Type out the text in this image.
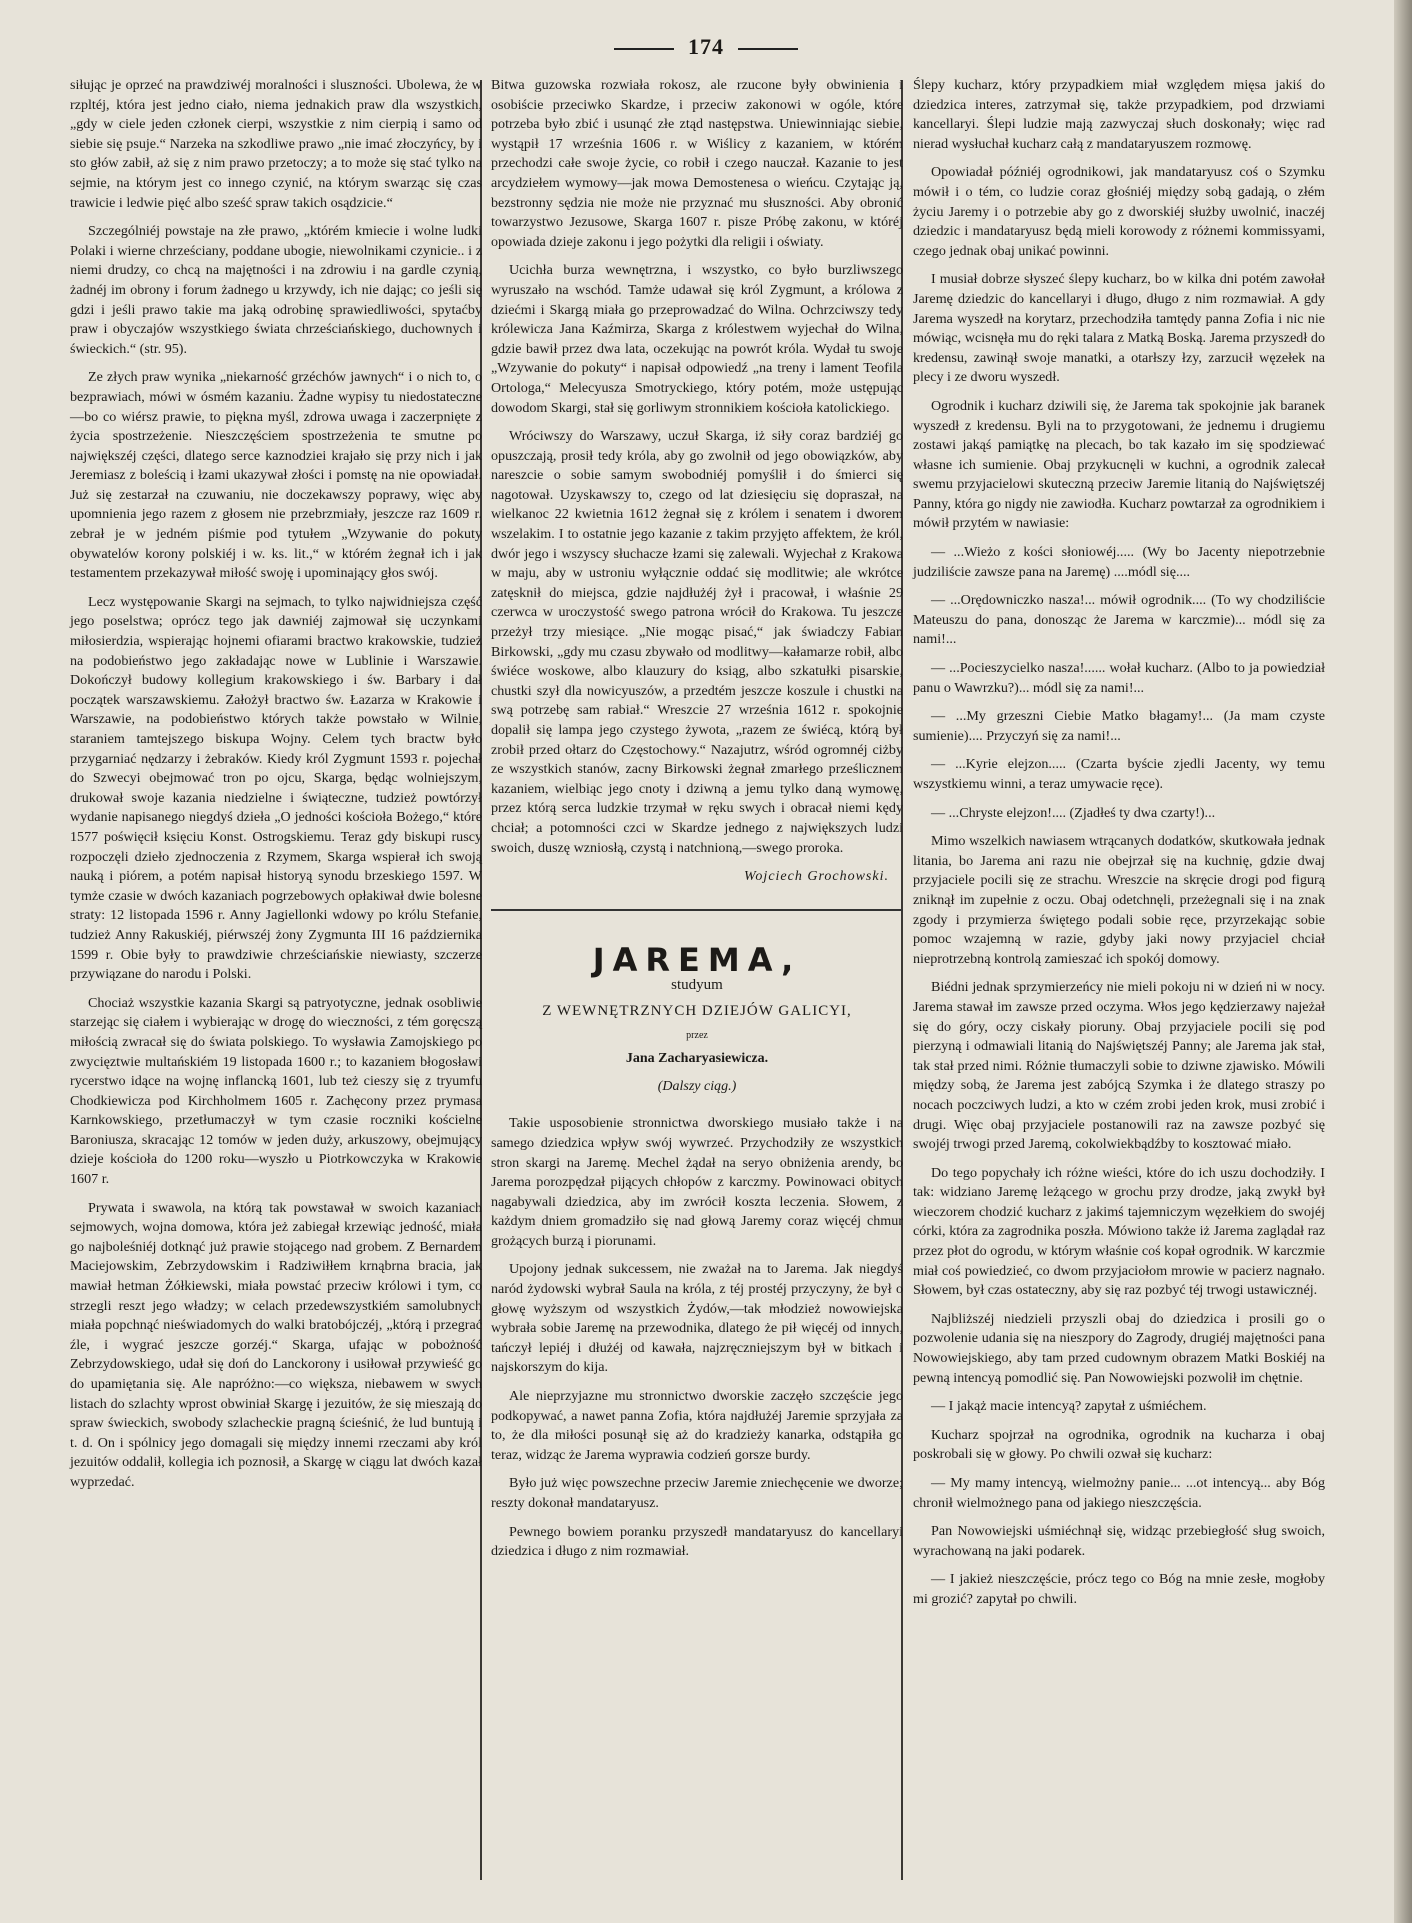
174

siłując je oprzeć na prawdziwéj moralności i sluszności. Ubolewa, że w rzpltéj, która jest jedno ciało, niema jednakich praw dla wszystkich, „gdy w ciele jeden członek cierpi, wszystkie z nim cierpią i samo od siebie się psuje.“ Narzeka na szkodliwe prawo „nie imać złoczyńcy, by i sto głów zabił, aż się z nim prawo przetoczy; a to może się stać tylko na sejmie, na którym jest co innego czynić, na którym swarząc się czas trawicie i ledwie pięć albo sześć spraw takich osądzicie.“

Szczególniéj powstaje na złe prawo, „którém kmiecie i wolne ludki Polaki i wierne chrześciany, poddane ubogie, niewolnikami czynicie.. i z niemi drudzy, co chcą na majętności i na zdrowiu i na gardle czynią, żadnéj im obrony i forum żadnego u krzywdy, ich nie dając; co jeśli się gdzi i jeśli prawo takie ma jaką odrobinę sprawiedliwości, spytaćby praw i obyczajów wszystkiego świata chrześciańskiego, duchownych i świeckich.“ (str. 95).

Ze złych praw wynika „niekarność grzéchów jawnych“ i o nich to, o bezprawiach, mówi w ósmém kazaniu. Żadne wypisy tu niedostateczne—bo co wiérsz prawie, to piękna myśl, zdrowa uwaga i zaczerpnięte z życia spostrzeżenie. Nieszczęściem spostrzeżenia te smutne po największéj części, dlatego serce kaznodziei krajało się przy nich i jak Jeremiasz z boleścią i łzami ukazywał złości i pomstę na nie opowiadał. Już się zestarzał na czuwaniu, nie doczekawszy poprawy, więc aby upomnienia jego razem z głosem nie przebrzmiały, jeszcze raz 1609 r. zebrał je w jedném piśmie pod tytułem „Wzywanie do pokuty obywatelów korony polskiéj i w. ks. lit.,“ w którém żegnał ich i jak testamentem przekazywał miłość swoję i upominający głos swój.

Lecz występowanie Skargi na sejmach, to tylko najwidniejsza część jego poselstwa; oprócz tego jak dawniéj zajmował się uczynkami miłosierdzia, wspierając hojnemi ofiarami bractwo krakowskie, tudzież na podobieństwo jego zakładając nowe w Lublinie i Warszawie. Dokończył budowy kollegium krakowskiego i św. Barbary i dał początek warszawskiemu. Założył bractwo św. Łazarza w Krakowie i Warszawie, na podobieństwo których także powstało w Wilnie, staraniem tamtejszego biskupa Wojny. Celem tych bractw było przygarniać nędzarzy i żebraków. Kiedy król Zygmunt 1593 r. pojechał do Szwecyi obejmować tron po ojcu, Skarga, będąc wolniejszym, drukował swoje kazania niedzielne i świąteczne, tudzież powtórzył wydanie napisanego niegdyś dzieła „O jedności kościoła Bożego,“ które 1577 poświęcił księciu Konst. Ostrogskiemu. Teraz gdy biskupi ruscy rozpoczęli dzieło zjednoczenia z Rzymem, Skarga wspierał ich swoją nauką i piórem, a potém napisał historyą synodu brzeskiego 1597. W tymże czasie w dwóch kazaniach pogrzebowych opłakiwał dwie bolesne straty: 12 listopada 1596 r. Anny Jagiellonki wdowy po królu Stefanie, tudzież Anny Rakuskiéj, piérwszéj żony Zygmunta III 16 października 1599 r. Obie były to prawdziwie chrześciańskie niewiasty, szczerze przywiązane do narodu i Polski.

Chociaż wszystkie kazania Skargi są patryotyczne, jednak osobliwie starzejąc się ciałem i wybierając w drogę do wieczności, z tém goręcszą miłością zwracał się do świata polskiego. To wysławia Zamojskiego po zwycięztwie multańskiém 19 listopada 1600 r.; to kazaniem błogosławi rycerstwo idące na wojnę inflancką 1601, lub też cieszy się z tryumfu Chodkiewicza pod Kirchholmem 1605 r. Zachęcony przez prymasa Karnkowskiego, przetłumaczył w tym czasie roczniki kościelne Baroniusza, skracając 12 tomów w jeden duży, arkuszowy, obejmujący dzieje kościoła do 1200 roku—wyszło u Piotrkowczyka w Krakowie 1607 r.

Prywata i swawola, na którą tak powstawał w swoich kazaniach sejmowych, wojna domowa, która jeż zabiegał krzewiąc jedność, miała go najboleśniéj dotknąć już prawie stojącego nad grobem. Z Bernardem Maciejowskim, Zebrzydowskim i Radziwiłłem krnąbrna bracia, jak mawiał hetman Żółkiewski, miała powstać przeciw królowi i tym, co strzegli reszt jego władzy; w celach przedewszystkiém samolubnych miała popchnąć nieświadomych do walki bratobójczéj, „którą i przegrać źle, i wygrać jeszcze gorzéj.“ Skarga, ufając w pobożność Zebrzydowskiego, udał się doń do Lanckorony i usiłował przywieść go do upamiętania się. Ale napróżno:—co większa, niebawem w swych listach do szlachty wprost obwiniał Skargę i jezuitów, że się mieszają do spraw świeckich, swobody szlacheckie pragną ścieśnić, że lud buntują i t. d. On i spólnicy jego domagali się między innemi rzeczami aby król jezuitów oddalił, kollegia ich poznosił, a Skargę w ciągu lat dwóch kazał wyprzedać.

Bitwa guzowska rozwiała rokosz, ale rzucone były obwinienia i osobiście przeciwko Skardze, i przeciw zakonowi w ogóle, które potrzeba było zbić i usunąć złe ztąd następstwa. Uniewinniając siebie, wystąpił 17 września 1606 r. w Wiślicy z kazaniem, w którém przechodzi całe swoje życie, co robił i czego nauczał. Kazanie to jest arcydziełem wymowy—jak mowa Demostenesa o wieńcu. Czytając ją, bezstronny sędzia nie może nie przyznać mu słuszności. Aby obronić towarzystwo Jezusowe, Skarga 1607 r. pisze Próbę zakonu, w któréj opowiada dzieje zakonu i jego pożytki dla religii i oświaty.

Ucichła burza wewnętrzna, i wszystko, co było burzliwszego wyruszało na wschód. Tamże udawał się król Zygmunt, a królowa z dziećmi i Skargą miała go przeprowadzać do Wilna. Ochrzciwszy tedy królewicza Jana Kaźmirza, Skarga z królestwem wyjechał do Wilna, gdzie bawił przez dwa lata, oczekując na powrót króla. Wydał tu swoje „Wzywanie do pokuty“ i napisał odpowiedź „na treny i lament Teofila Ortologa,“ Melecyusza Smotryckiego, który potém, może ustępując dowodom Skargi, stał się gorliwym stronnikiem kościoła katolickiego.

Wróciwszy do Warszawy, uczuł Skarga, iż siły coraz bardziéj go opuszczają, prosił tedy króla, aby go zwolnił od jego obowiązków, aby nareszcie o sobie samym swobodniéj pomyślił i do śmierci się nagotował. Uzyskawszy to, czego od lat dziesięciu się dopraszał, na wielkanoc 22 kwietnia 1612 żegnał się z królem i senatem i dworem wszelakim. I to ostatnie jego kazanie z takim przyjęto affektem, że król, dwór jego i wszyscy słuchacze łzami się zalewali. Wyjechał z Krakowa w maju, aby w ustroniu wyłącznie oddać się modlitwie; ale wkrótce zatęsknił do miejsca, gdzie najdłużéj żył i pracował, i właśnie 29 czerwca w uroczystość swego patrona wrócił do Krakowa. Tu jeszcze przeżył trzy miesiące. „Nie mogąc pisać,“ jak świadczy Fabian Birkowski, „gdy mu czasu zbywało od modlitwy—kałamarze robił, albo świéce woskowe, albo klauzury do ksiąg, albo szkatułki pisarskie, chustki szył dla nowicyuszów, a przedtém jeszcze koszule i chustki na swą potrzebę sam rabiał.“ Wreszcie 27 września 1612 r. spokojnie dopalił się lampa jego czystego żywota, „razem ze świécą, którą był zrobił przed ołtarz do Częstochowy.“ Nazajutrz, wśród ogromnéj ciżby ze wszystkich stanów, zacny Birkowski żegnał zmarłego prześlicznem kazaniem, wielbiąc jego cnoty i dziwną a jemu tylko daną wymowę, przez którą serca ludzkie trzymał w ręku swych i obracał niemi kędy chciał; a potomności czci w Skardze jednego z największych ludzi swoich, duszę wzniosłą, czystą i natchnioną,—swego proroka.

Wojciech Grochowski.
JAREMA,
studyum
Z WEWNĘTRZNYCH DZIEJÓW GALICYI,
przez
Jana Zacharyasiewicza.
(Dalszy ciąg.)

Takie usposobienie stronnictwa dworskiego musiało także i na samego dziedzica wpływ swój wywrzeć. Przychodziły ze wszystkich stron skargi na Jaremę. Mechel żądał na seryo obniżenia arendy, bo Jarema porozpędzał pijących chłopów z karczmy. Powinowaci obitych nagabywali dziedzica, aby im zwrócił koszta leczenia. Słowem, z każdym dniem gromadziło się nad głową Jaremy coraz więcéj chmur grożących burzą i piorunami.

Upojony jednak sukcessem, nie zważał na to Jarema. Jak niegdyś naród żydowski wybrał Saula na króla, z téj prostéj przyczyny, że był o głowę wyższym od wszystkich Żydów,—tak młodzież nowowiejska wybrała sobie Jaremę na przewodnika, dlatego że pił więcéj od innych, tańczył lepiéj i dłużéj od kawała, najzręczniejszym był w bitkach i najskorszym do kija.

Ale nieprzyjazne mu stronnictwo dworskie zaczęło szczęście jego podkopywać, a nawet panna Zofia, która najdłużéj Jaremie sprzyjała za to, że dla miłości posunął się aż do kradzieży kanarka, odstąpiła go teraz, widząc że Jarema wyprawia codzień gorsze burdy.

Było już więc powszechne przeciw Jaremie zniechęcenie we dworze; reszty dokonał mandataryusz.

Pewnego bowiem poranku przyszedł mandataryusz do kancellaryi dziedzica i długo z nim rozmawiał.

Ślepy kucharz, który przypadkiem miał względem mięsa jakiś do dziedzica interes, zatrzymał się, także przypadkiem, pod drzwiami kancellaryi. Ślepi ludzie mają zazwyczaj słuch doskonały; więc rad nierad wysłuchał kucharz całą z mandataryuszem rozmowę.

Opowiadał późniéj ogrodnikowi, jak mandataryusz coś o Szymku mówił i o tém, co ludzie coraz głośniéj między sobą gadają, o złém życiu Jaremy i o potrzebie aby go z dworskiéj służby uwolnić, inaczéj dziedzic i mandataryusz będą mieli korowody z różnemi kommissyami, czego jednak obaj unikać powinni.

I musiał dobrze słyszeć ślepy kucharz, bo w kilka dni potém zawołał Jaremę dziedzic do kancellaryi i długo, długo z nim rozmawiał. A gdy Jarema wyszedł na korytarz, przechodziła tamtędy panna Zofia i nic nie mówiąc, wcisnęła mu do ręki talara z Matką Boską. Jarema przyszedł do kredensu, zawinął swoje manatki, a otarłszy łzy, zarzucił węzełek na plecy i ze dworu wyszedł.

Ogrodnik i kucharz dziwili się, że Jarema tak spokojnie jak baranek wyszedł z kredensu. Byli na to przygotowani, że jednemu i drugiemu zostawi jakąś pamiątkę na plecach, bo tak kazało im się spodziewać własne ich sumienie. Obaj przykucnęli w kuchni, a ogrodnik zalecał swemu przyjacielowi skuteczną przeciw Jaremie litanią do Najświętszéj Panny, która go nigdy nie zawiodła. Kucharz powtarzał za ogrodnikiem i mówił przytém w nawiasie:

— ...Wieżo z kości słoniowéj..... (Wy bo Jacenty niepotrzebnie judziliście zawsze pana na Jaremę) ....módl się....

— ...Orędowniczko nasza!... mówił ogrodnik.... (To wy chodziliście Mateuszu do pana, donosząc że Jarema w karczmie)... módl się za nami!...

— ...Pocieszycielko nasza!...... wołał kucharz. (Albo to ja powiedział panu o Wawrzku?)... módl się za nami!...

— ...My grzeszni Ciebie Matko błagamy!... (Ja mam czyste sumienie).... Przyczyń się za nami!...

— ...Kyrie elejzon..... (Czarta byście zjedli Jacenty, wy temu wszystkiemu winni, a teraz umywacie ręce).

— ...Chryste elejzon!.... (Zjadłeś ty dwa czarty!)...

Mimo wszelkich nawiasem wtrącanych dodatków, skutkowała jednak litania, bo Jarema ani razu nie obejrzał się na kuchnię, gdzie dwaj przyjaciele pocili się ze strachu. Wreszcie na skręcie drogi pod figurą zniknął im zupełnie z oczu. Obaj odetchnęli, przeżegnali się i na znak zgody i przymierza świętego podali sobie ręce, przyrzekając sobie pomoc wzajemną w razie, gdyby jaki nowy przyjaciel chciał nieprotrzebną kontrolą zamieszać ich spokój domowy.

Biédni jednak sprzymierzeńcy nie mieli pokoju ni w dzień ni w nocy. Jarema stawał im zawsze przed oczyma. Włos jego kędzierzawy najeżał się do góry, oczy ciskały pioruny. Obaj przyjaciele pocili się pod pierzyną i odmawiali litanią do Najświętszéj Panny; ale Jarema jak stał, tak stał przed nimi. Różnie tłumaczyli sobie to dziwne zjawisko. Mówili między sobą, że Jarema jest zabójcą Szymka i że dlatego straszy po nocach poczciwych ludzi, a kto w czém zrobi jeden krok, musi zrobić i drugi. Więc obaj przyjaciele postanowili raz na zawsze pozbyć się swojéj trwogi przed Jaremą, cokolwiekbądźby to kosztować miało.

Do tego popychały ich różne wieści, które do ich uszu dochodziły. I tak: widziano Jaremę leżącego w grochu przy drodze, jaką zwykł był wieczorem chodzić kucharz z jakimś tajemniczym węzełkiem do swojéj córki, która za zagrodnika poszła. Mówiono także iż Jarema zaglądał raz przez płot do ogrodu, w którym właśnie coś kopał ogrodnik. W karczmie miał coś powiedzieć, co dwom przyjaciołom mrowie w pacierz nagnało. Słowem, był czas ostateczny, aby się raz pozbyć téj trwogi ustawicznéj.

Najbliższéj niedzieli przyszli obaj do dziedzica i prosili go o pozwolenie udania się na nieszpory do Zagrody, drugiéj majętności pana Nowowiejskiego, aby tam przed cudownym obrazem Matki Boskiéj na pewną intencyą pomodlić się. Pan Nowowiejski pozwolił im chętnie.

— I jakąż macie intencyą? zapytał z uśmiéchem.

Kucharz spojrzał na ogrodnika, ogrodnik na kucharza i obaj poskrobali się w głowy. Po chwili ozwał się kucharz:

— My mamy intencyą, wielmożny panie... ...ot intencyą... aby Bóg chronił wielmożnego pana od jakiego nieszczęścia.

Pan Nowowiejski uśmiéchnął się, widząc przebiegłość sług swoich, wyrachowaną na jaki podarek.

— I jakież nieszczęście, prócz tego co Bóg na mnie zesłe, mogłoby mi grozić? zapytał po chwili.
